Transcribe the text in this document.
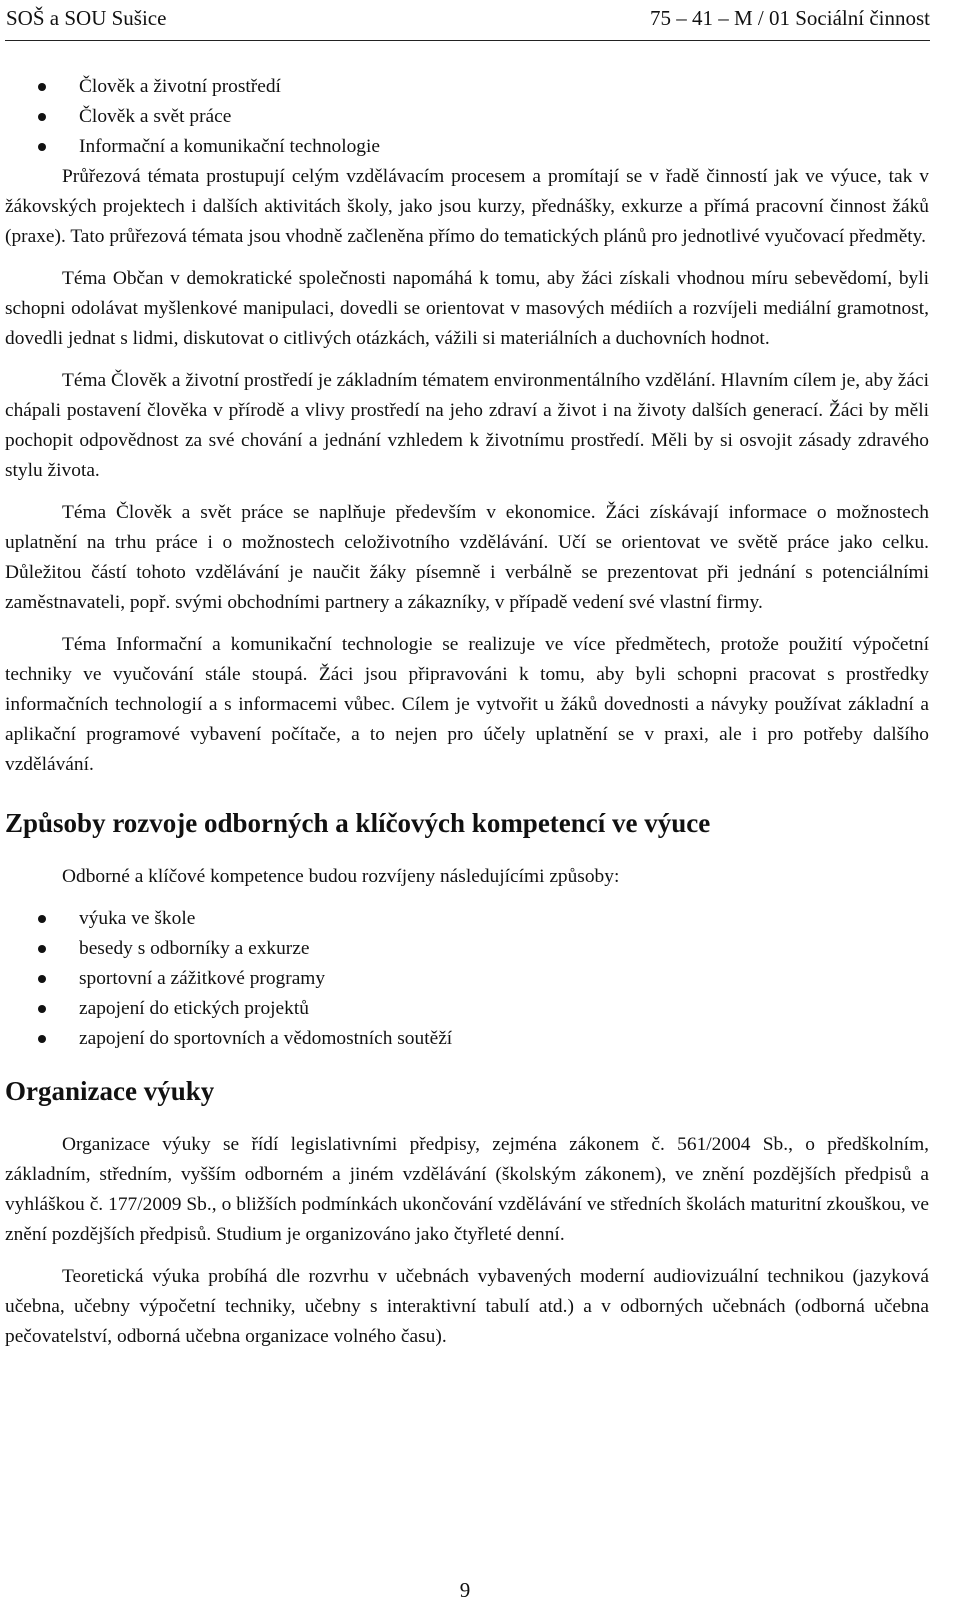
SOŠ a SOU Sušice	75 – 41 – M / 01 Sociální činnost
Člověk a životní prostředí
Člověk a svět práce
Informační a komunikační technologie

Průřezová témata prostupují celým vzdělávacím procesem a promítají se v řadě činností jak ve výuce, tak v žákovských projektech i dalších aktivitách školy, jako jsou kurzy, přednášky, exkurze a přímá pracovní činnost žáků (praxe). Tato průřezová témata jsou vhodně začleněna přímo do tematických plánů pro jednotlivé vyučovací předměty.

Téma Občan v demokratické společnosti napomáhá k tomu, aby žáci získali vhodnou míru sebevědomí, byli schopni odolávat myšlenkové manipulaci, dovedli se orientovat v masových médiích a rozvíjeli mediální gramotnost, dovedli jednat s lidmi, diskutovat o citlivých otázkách, vážili si materiálních a duchovních hodnot.

Téma Člověk a životní prostředí je základním tématem environmentálního vzdělání. Hlavním cílem je, aby žáci chápali postavení člověka v přírodě a vlivy prostředí na jeho zdraví a život i na životy dalších generací. Žáci by měli pochopit odpovědnost za své chování a jednání vzhledem k životnímu prostředí. Měli by si osvojit zásady zdravého stylu života.

Téma Člověk a svět práce se naplňuje především v ekonomice. Žáci získávají informace o možnostech uplatnění na trhu práce i o možnostech celoživotního vzdělávání. Učí se orientovat ve světě práce jako celku. Důležitou částí tohoto vzdělávání je naučit žáky písemně i verbálně se prezentovat při jednání s potenciálními zaměstnavateli, popř. svými obchodními partnery a zákazníky, v případě vedení své vlastní firmy.

Téma Informační a komunikační technologie se realizuje ve více předmětech, protože použití výpočetní techniky ve vyučování stále stoupá. Žáci jsou připravováni k tomu, aby byli schopni pracovat s prostředky informačních technologií a s informacemi vůbec. Cílem je vytvořit u žáků dovednosti a návyky používat základní a aplikační programové vybavení počítače, a to nejen pro účely uplatnění se v praxi, ale i pro potřeby dalšího vzdělávání.

Způsoby rozvoje odborných a klíčových kompetencí ve výuce

Odborné a klíčové kompetence budou rozvíjeny následujícími způsoby:

výuka ve škole
besedy s odborníky a exkurze
sportovní a zážitkové programy
zapojení do etických projektů
zapojení do sportovních a vědomostních soutěží
Organizace výuky

Organizace výuky se řídí legislativními předpisy, zejména zákonem č. 561/2004 Sb., o předškolním, základním, středním, vyšším odborném a jiném vzdělávání (školským zákonem), ve znění pozdějších předpisů a vyhláškou č. 177/2009 Sb., o bližších podmínkách ukončování vzdělávání ve středních školách maturitní zkouškou, ve znění pozdějších předpisů. Studium je organizováno jako čtyřleté denní.

Teoretická výuka probíhá dle rozvrhu v učebnách vybavených moderní audiovizuální technikou (jazyková učebna, učebny výpočetní techniky, učebny s interaktivní tabulí atd.) a v odborných učebnách (odborná učebna pečovatelství, odborná učebna organizace volného času).

9
